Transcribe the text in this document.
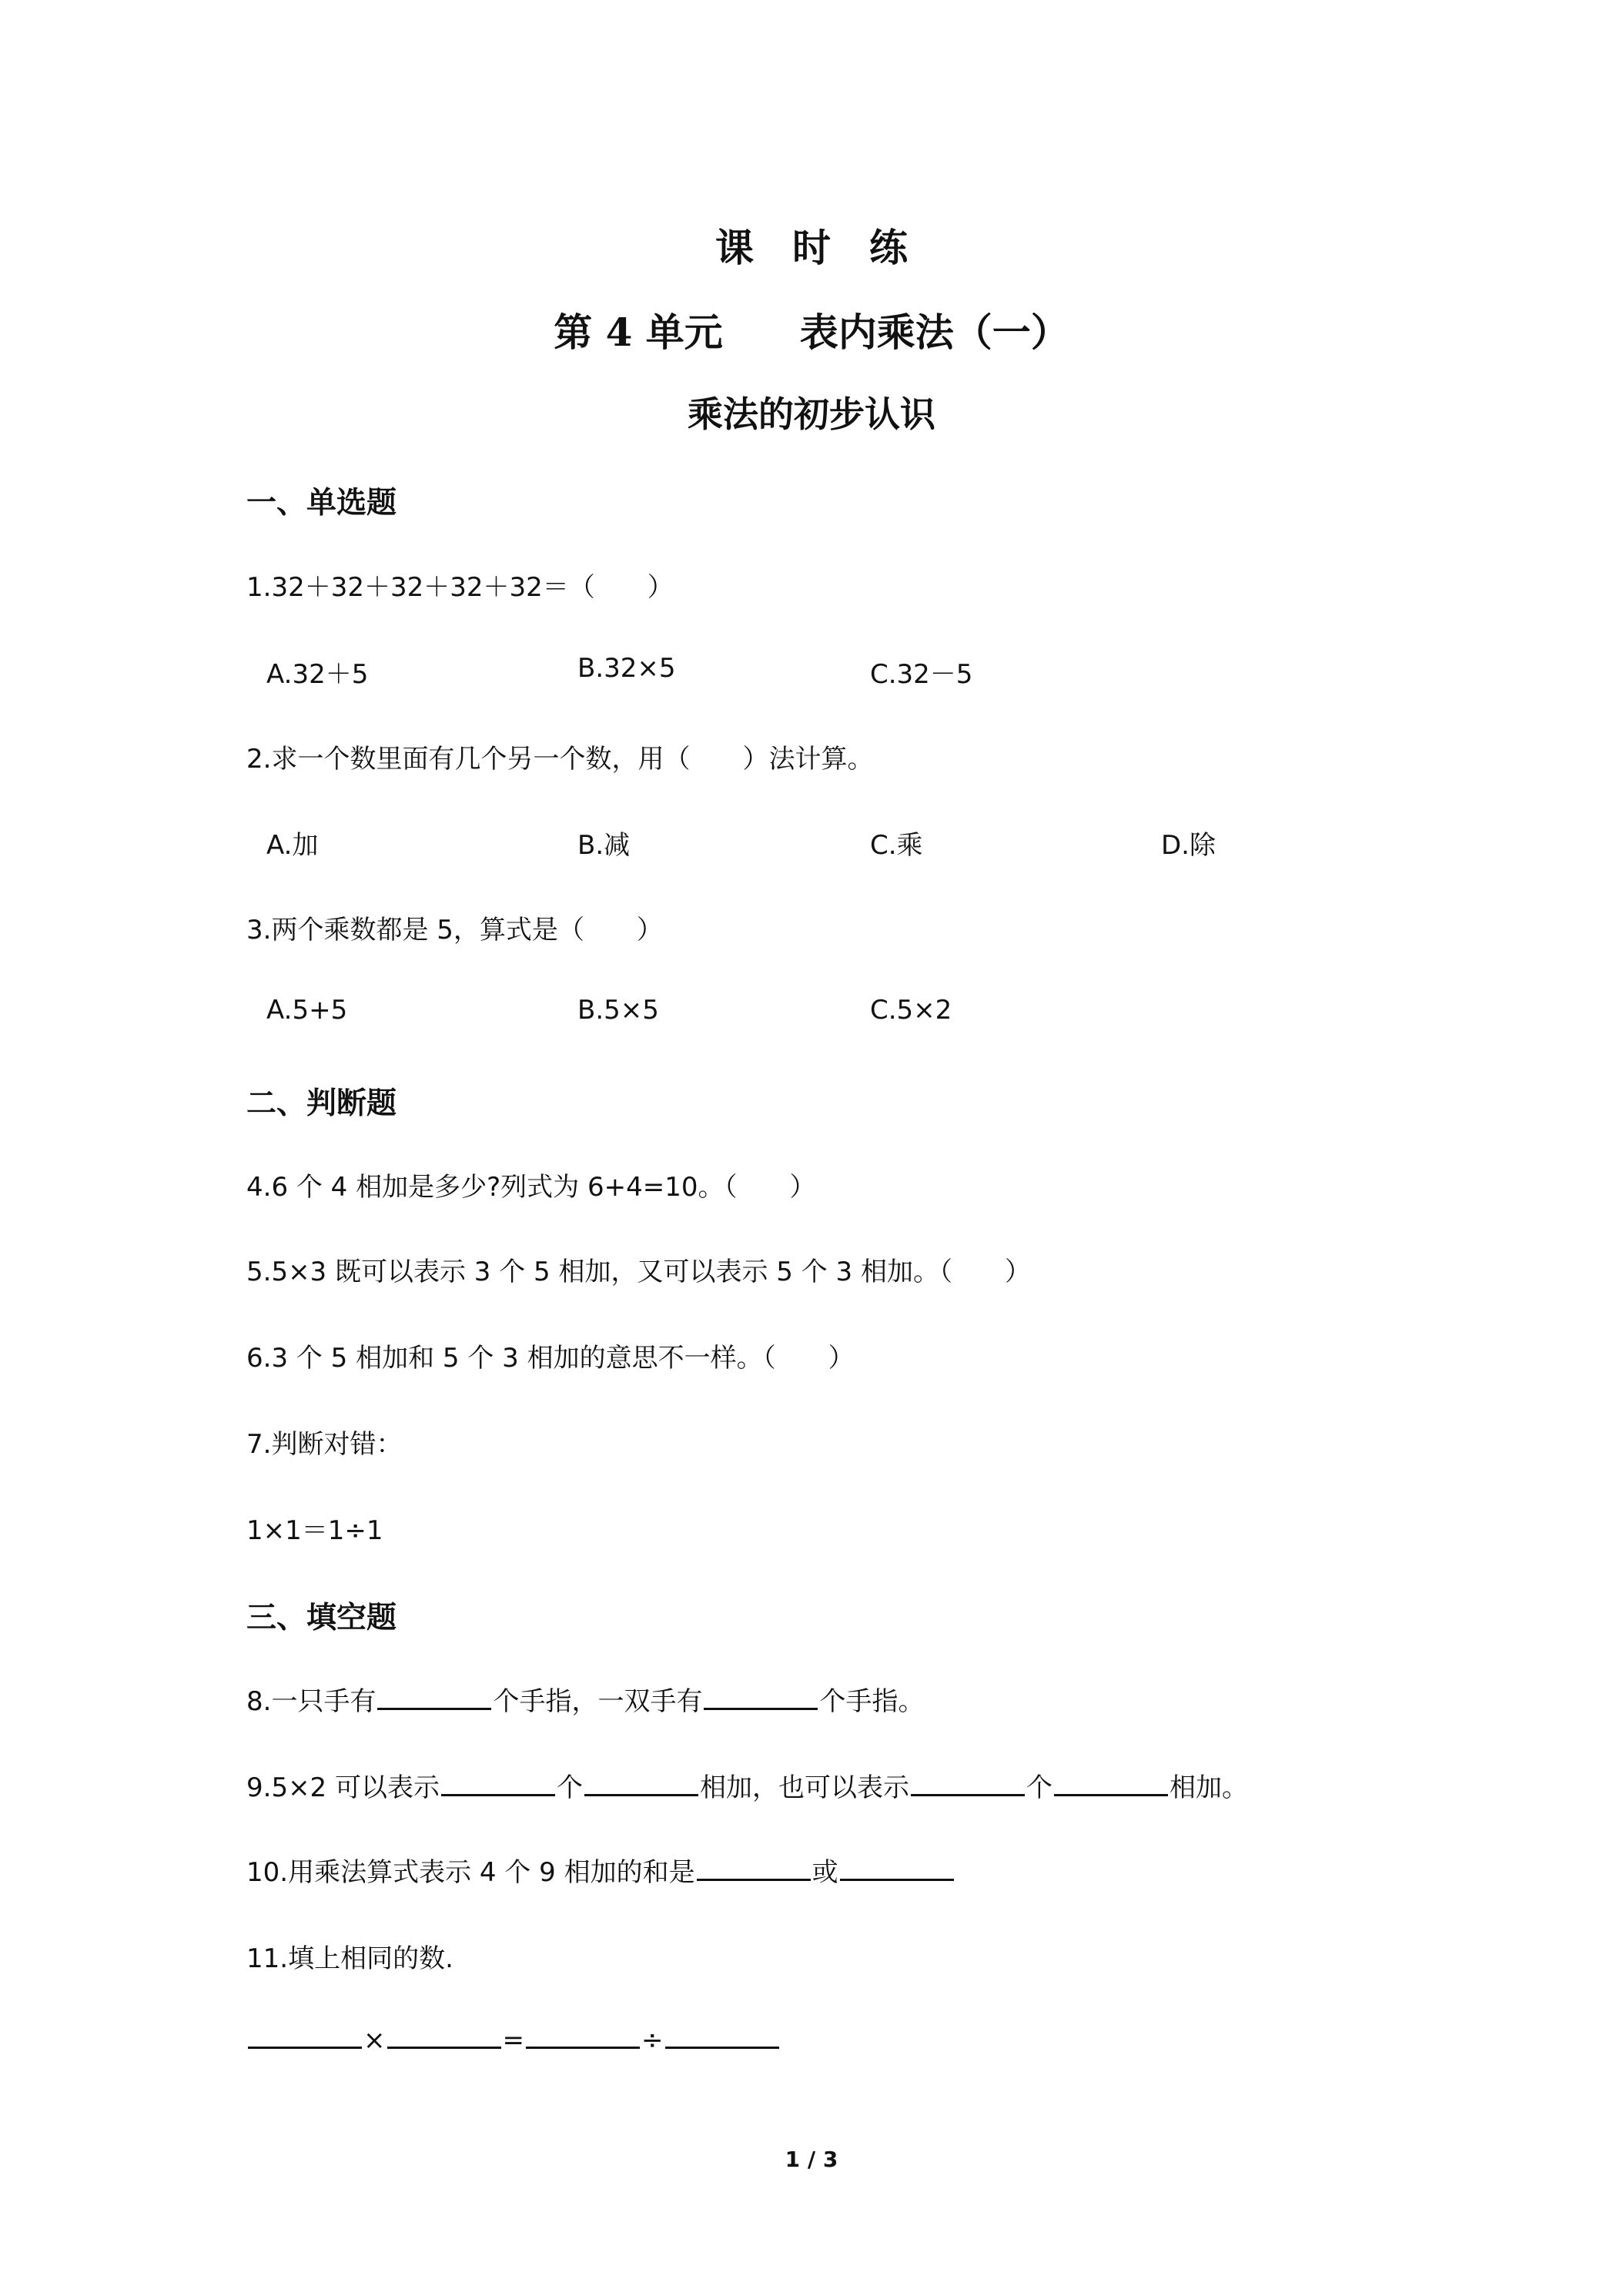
课　时　练
第 4 单元　　表内乘法（一）
乘法的初步认识
一、单选题
1.32＋32＋32＋32＋32＝（　　）
A.32＋5	B.32×5	C.32－5
2.求一个数里面有几个另一个数，用（　　）法计算。
A.加	B.减	C.乘	D.除
3.两个乘数都是 5，算式是（　　）
A.5+5	B.5×5	C.5×2
二、判断题
4.6 个 4 相加是多少?列式为 6+4=10。（　　）
5.5×3 既可以表示 3 个 5 相加，又可以表示 5 个 3 相加。（　　）
6.3 个 5 相加和 5 个 3 相加的意思不一样。（　　）
7.判断对错：
1×1＝1÷1
三、填空题
8.一只手有	个手指，一双手有	个手指。
9.5×2 可以表示	个	相加，也可以表示	个	相加。
10.用乘法算式表示 4 个 9 相加的和是	或
11.填上相同的数.
×	=	÷
1 / 3
